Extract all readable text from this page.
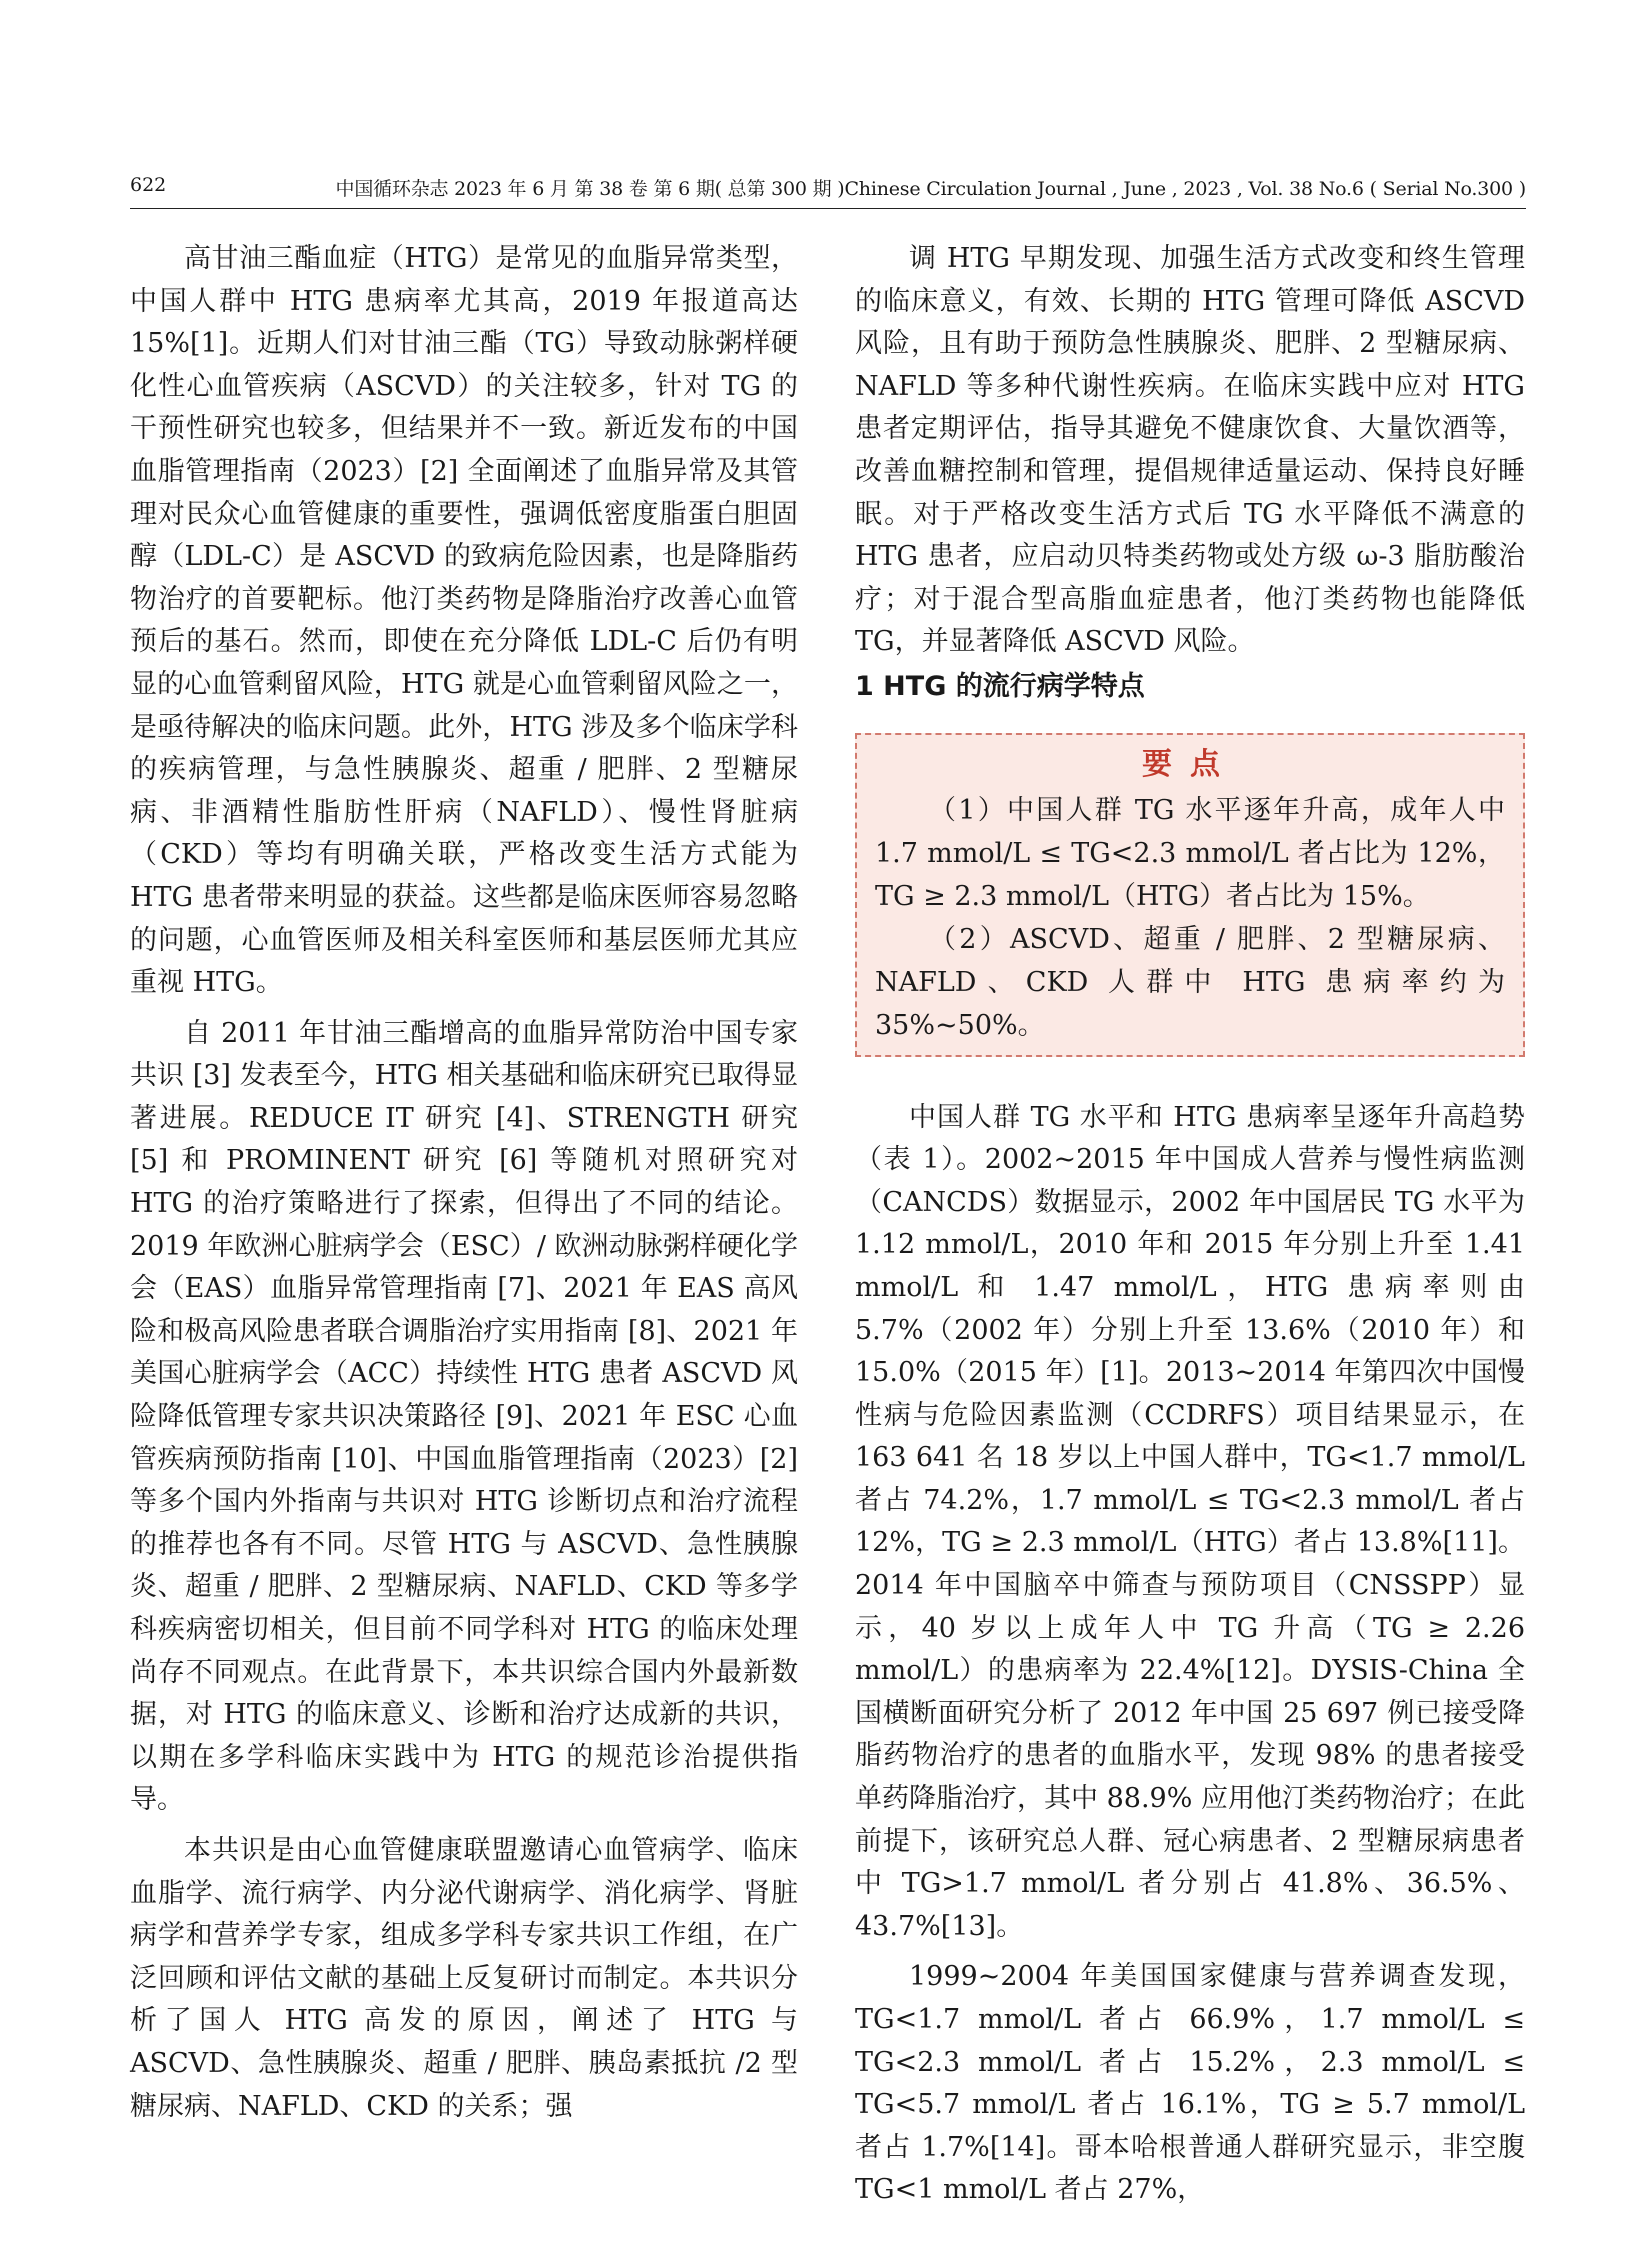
622	中国循环杂志 2023 年 6 月 第 38 卷 第 6 期( 总第 300 期 )Chinese Circulation Journal , June , 2023 , Vol. 38 No.6 ( Serial No.300 )

高甘油三酯血症（HTG）是常见的血脂异常类型，中国人群中 HTG 患病率尤其高，2019 年报道高达 15%[1]。近期人们对甘油三酯（TG）导致动脉粥样硬化性心血管疾病（ASCVD）的关注较多，针对 TG 的干预性研究也较多，但结果并不一致。新近发布的中国血脂管理指南（2023）[2] 全面阐述了血脂异常及其管理对民众心血管健康的重要性，强调低密度脂蛋白胆固醇（LDL-C）是 ASCVD 的致病危险因素，也是降脂药物治疗的首要靶标。他汀类药物是降脂治疗改善心血管预后的基石。然而，即使在充分降低 LDL-C 后仍有明显的心血管剩留风险，HTG 就是心血管剩留风险之一，是亟待解决的临床问题。此外，HTG 涉及多个临床学科的疾病管理，与急性胰腺炎、超重 / 肥胖、2 型糖尿病、非酒精性脂肪性肝病（NAFLD）、慢性肾脏病（CKD）等均有明确关联，严格改变生活方式能为 HTG 患者带来明显的获益。这些都是临床医师容易忽略的问题，心血管医师及相关科室医师和基层医师尤其应重视 HTG。

自 2011 年甘油三酯增高的血脂异常防治中国专家共识 [3] 发表至今，HTG 相关基础和临床研究已取得显著进展。REDUCE IT 研究 [4]、STRENGTH 研究 [5] 和 PROMINENT 研究 [6] 等随机对照研究对 HTG 的治疗策略进行了探索，但得出了不同的结论。2019 年欧洲心脏病学会（ESC）/ 欧洲动脉粥样硬化学会（EAS）血脂异常管理指南 [7]、2021 年 EAS 高风险和极高风险患者联合调脂治疗实用指南 [8]、2021 年美国心脏病学会（ACC）持续性 HTG 患者 ASCVD 风险降低管理专家共识决策路径 [9]、2021 年 ESC 心血管疾病预防指南 [10]、中国血脂管理指南（2023）[2] 等多个国内外指南与共识对 HTG 诊断切点和治疗流程的推荐也各有不同。尽管 HTG 与 ASCVD、急性胰腺炎、超重 / 肥胖、2 型糖尿病、NAFLD、CKD 等多学科疾病密切相关，但目前不同学科对 HTG 的临床处理尚存不同观点。在此背景下，本共识综合国内外最新数据，对 HTG 的临床意义、诊断和治疗达成新的共识，以期在多学科临床实践中为 HTG 的规范诊治提供指导。

本共识是由心血管健康联盟邀请心血管病学、临床血脂学、流行病学、内分泌代谢病学、消化病学、肾脏病学和营养学专家，组成多学科专家共识工作组，在广泛回顾和评估文献的基础上反复研讨而制定。本共识分析了国人 HTG 高发的原因，阐述了 HTG 与 ASCVD、急性胰腺炎、超重 / 肥胖、胰岛素抵抗 /2 型糖尿病、NAFLD、CKD 的关系；强

调 HTG 早期发现、加强生活方式改变和终生管理的临床意义，有效、长期的 HTG 管理可降低 ASCVD 风险，且有助于预防急性胰腺炎、肥胖、2 型糖尿病、NAFLD 等多种代谢性疾病。在临床实践中应对 HTG 患者定期评估，指导其避免不健康饮食、大量饮酒等，改善血糖控制和管理，提倡规律适量运动、保持良好睡眠。对于严格改变生活方式后 TG 水平降低不满意的 HTG 患者，应启动贝特类药物或处方级 ω-3 脂肪酸治疗；对于混合型高脂血症患者，他汀类药物也能降低 TG，并显著降低 ASCVD 风险。

1 HTG 的流行病学特点
要点

（1）中国人群 TG 水平逐年升高，成年人中 1.7 mmol/L ≤ TG<2.3 mmol/L 者占比为 12%，TG ≥ 2.3 mmol/L（HTG）者占比为 15%。

（2）ASCVD、超重 / 肥胖、2 型糖尿病、NAFLD、CKD 人群中 HTG 患病率约为 35%~50%。

中国人群 TG 水平和 HTG 患病率呈逐年升高趋势（表 1）。2002~2015 年中国成人营养与慢性病监测（CANCDS）数据显示，2002 年中国居民 TG 水平为 1.12 mmol/L，2010 年和 2015 年分别上升至 1.41 mmol/L 和 1.47 mmol/L，HTG 患病率则由 5.7%（2002 年）分别上升至 13.6%（2010 年）和 15.0%（2015 年）[1]。2013~2014 年第四次中国慢性病与危险因素监测（CCDRFS）项目结果显示，在 163 641 名 18 岁以上中国人群中，TG<1.7 mmol/L 者占 74.2%，1.7 mmol/L ≤ TG<2.3 mmol/L 者占 12%，TG ≥ 2.3 mmol/L（HTG）者占 13.8%[11]。2014 年中国脑卒中筛查与预防项目（CNSSPP）显示，40 岁以上成年人中 TG 升高（TG ≥ 2.26 mmol/L）的患病率为 22.4%[12]。DYSIS-China 全国横断面研究分析了 2012 年中国 25 697 例已接受降脂药物治疗的患者的血脂水平，发现 98% 的患者接受单药降脂治疗，其中 88.9% 应用他汀类药物治疗；在此前提下，该研究总人群、冠心病患者、2 型糖尿病患者中 TG>1.7 mmol/L 者分别占 41.8%、36.5%、43.7%[13]。

1999~2004 年美国国家健康与营养调查发现，TG<1.7 mmol/L 者占 66.9%，1.7 mmol/L ≤ TG<2.3 mmol/L 者占 15.2%，2.3 mmol/L ≤ TG<5.7 mmol/L 者占 16.1%，TG ≥ 5.7 mmol/L 者占 1.7%[14]。哥本哈根普通人群研究显示，非空腹 TG<1 mmol/L 者占 27%，
